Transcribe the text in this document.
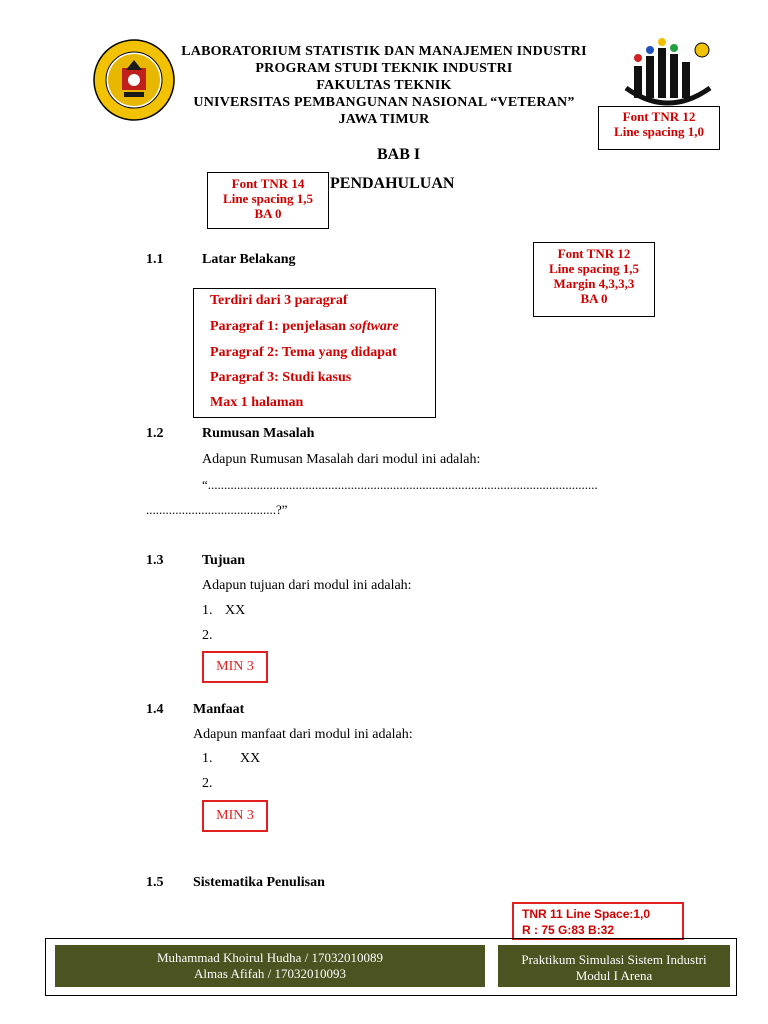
LABORATORIUM STATISTIK DAN MANAJEMEN INDUSTRI
PROGRAM STUDI TEKNIK INDUSTRI
FAKULTAS TEKNIK
UNIVERSITAS PEMBANGUNAN NASIONAL “VETERAN”
JAWA TIMUR	Font TNR 12
Line spacing 1,0
BAB I
PENDAHULUAN
Font TNR 14
Line spacing 1,5
BA 0
Font TNR 12
Line spacing 1,5
Margin 4,3,3,3
BA 0
1.1	Latar Belakang
Terdiri dari 3 paragraf
Paragraf 1: penjelasan software
Paragraf 2: Tema yang didapat
Paragraf 3: Studi kasus
Max 1 halaman
1.2	Rumusan Masalah
Adapun Rumusan Masalah dari modul ini adalah:
“........................................................................................................................
........................................?”
1.3	Tujuan
Adapun tujuan dari modul ini adalah:
1. XX
2.
MIN 3
1.4 Manfaat
Adapun manfaat dari modul ini adalah:
1. XX
2.
MIN 3
1.5 Sistematika Penulisan
TNR 11 Line Space:1,0
R : 75 G:83 B:32
Muhammad Khoirul Hudha / 17032010089
Almas Afifah / 17032010093
Praktikum Simulasi Sistem Industri
Modul I Arena
